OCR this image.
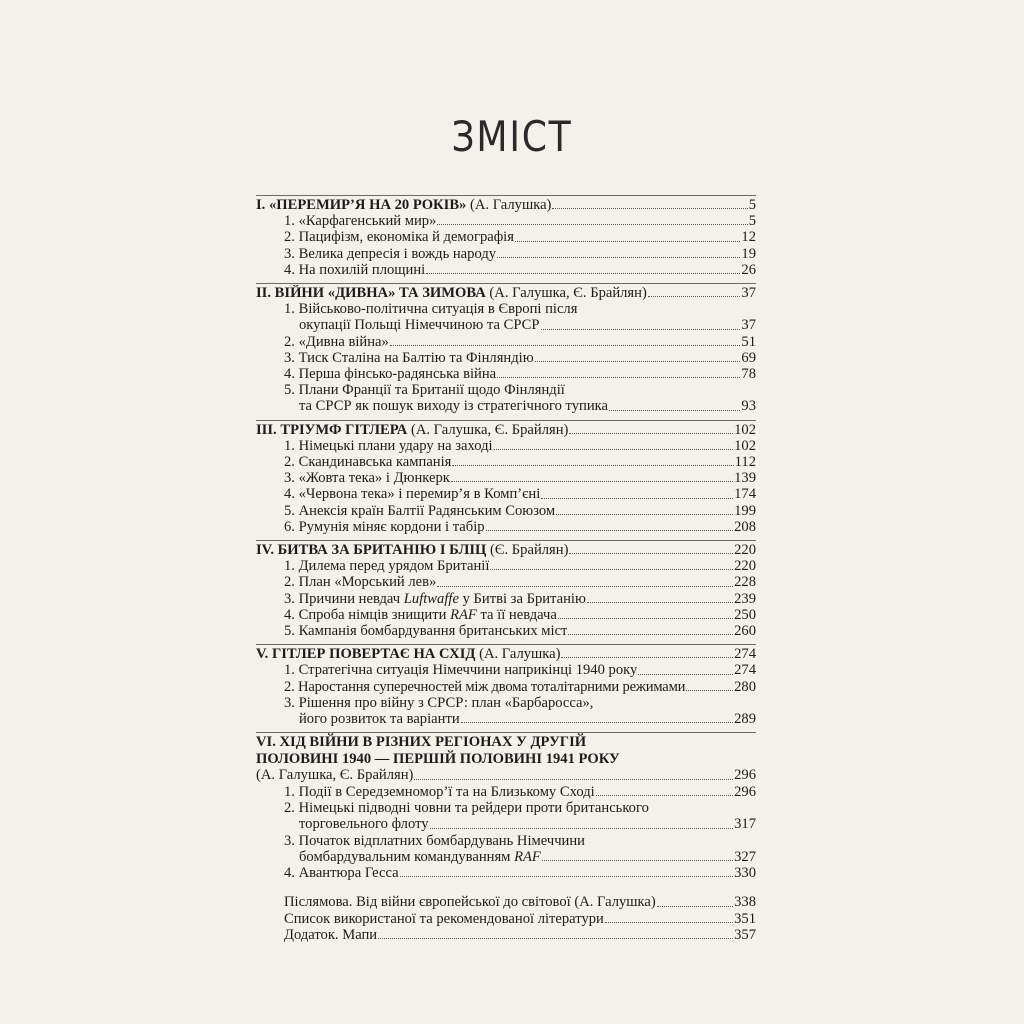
ЗМІСТ
І. «ПЕРЕМИР’Я НА 20 РОКІВ» (А. Галушка)	5
1. «Карфагенський мир»	5
2. Пацифізм, економіка й демографія	12
3. Велика депресія і вождь народу	19
4. На похилій площині	26
ІІ. ВІЙНИ «ДИВНА» ТА ЗИМОВА (А. Галушка, Є. Брайлян)	37
1. Військово-політична ситуація в Європі після
окупації Польщі Німеччиною та СРСР	37
2. «Дивна війна»	51
3. Тиск Сталіна на Балтію та Фінляндію	69
4. Перша фінсько-радянська війна	78
5. Плани Франції та Британії щодо Фінляндії
та СРСР як пошук виходу із стратегічного тупика	93
ІІІ. ТРІУМФ ГІТЛЕРА (А. Галушка, Є. Брайлян)	102
1. Німецькі плани удару на заході	102
2. Скандинавська кампанія	112
3. «Жовта тека» і Дюнкерк	139
4. «Червона тека» і перемир’я в Комп’єні	174
5. Анексія країн Балтії Радянським Союзом	199
6. Румунія міняє кордони і табір	208
IV. БИТВА ЗА БРИТАНІЮ І БЛІЦ (Є. Брайлян)	220
1. Дилема перед урядом Британії	220
2. План «Морський лев»	228
3. Причини невдач Luftwaffe у Битві за Британію	239
4. Спроба німців знищити RAF та її невдача	250
5. Кампанія бомбардування британських міст	260
V. ГІТЛЕР ПОВЕРТАЄ НА СХІД (А. Галушка)	274
1. Стратегічна ситуація Німеччини наприкінці 1940 року	274
2. Наростання суперечностей між двома тоталітарними режимами	280
3. Рішення про війну з СРСР: план «Барбаросса»,
його розвиток та варіанти	289
VI. ХІД ВІЙНИ В РІЗНИХ РЕГІОНАХ У ДРУГІЙ
ПОЛОВИНІ 1940 — ПЕРШІЙ ПОЛОВИНІ 1941 РОКУ
(А. Галушка, Є. Брайлян)	296
1. Події в Середземномор’ї та на Близькому Сході	296
2. Німецькі підводні човни та рейдери проти британського
торговельного флоту	317
3. Початок відплатних бомбардувань Німеччини
бомбардувальним командуванням RAF	327
4. Авантюра Гесса	330
Післямова. Від війни європейської до світової (А. Галушка)	338
Список використаної та рекомендованої літератури	351
Додаток. Мапи	357
